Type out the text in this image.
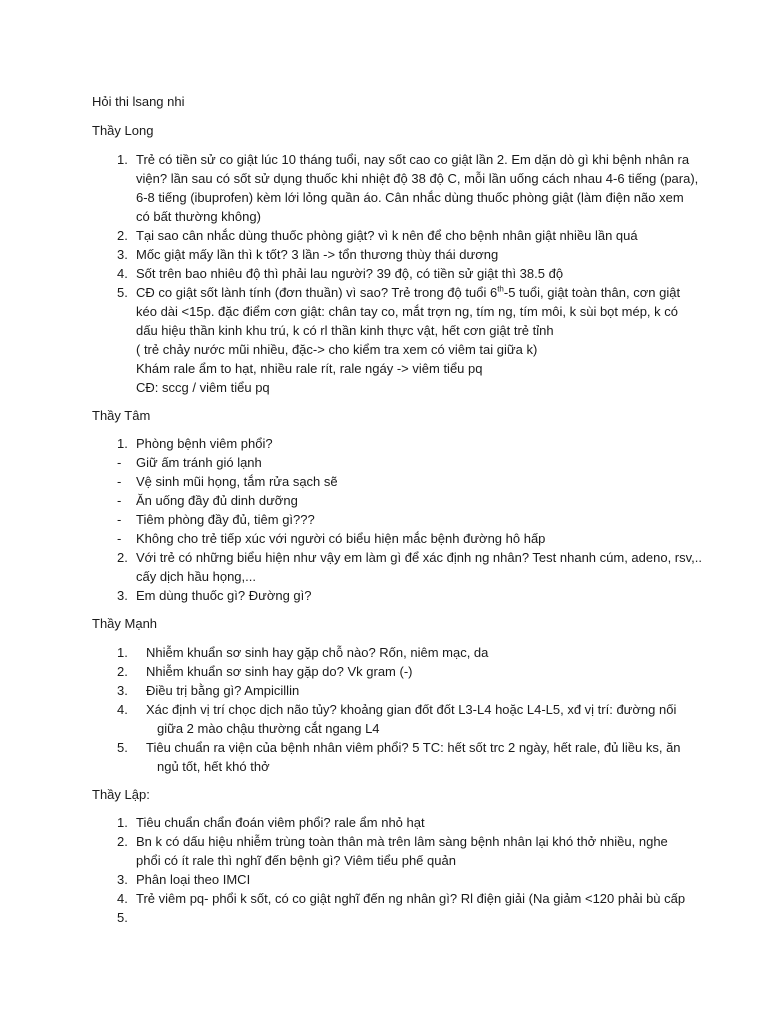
Hỏi thi lsang nhi
Thầy Long
1. Trẻ có tiền sử co giật lúc 10 tháng tuổi, nay sốt cao co giật lần 2. Em dặn dò gì khi bệnh nhân ra
viện? lần sau có sốt sử dụng thuốc khi nhiệt độ 38 độ C, mỗi lần uống cách nhau 4-6 tiếng (para),
6-8 tiếng (ibuprofen) kèm lới lỏng quần áo. Cân nhắc dùng thuốc phòng giật (làm điện não xem
có bất thường không)
2. Tại sao cân nhắc dùng thuốc phòng giật? vì k nên để cho bệnh nhân giật nhiều lần quá
3. Mốc giật mấy lần thì k tốt? 3 lần -> tổn thương thùy thái dương
4. Sốt trên bao nhiêu độ thì phải lau người? 39 độ, có tiền sử giật thì 38.5 độ
5. CĐ co giật sốt lành tính (đơn thuần) vì sao? Trẻ trong độ tuổi 6th-5 tuổi, giật toàn thân, cơn giật
kéo dài <15p. đặc điểm cơn giật: chân tay co, mắt trợn ng, tím ng, tím môi, k sùi bọt mép, k có
dấu hiệu thần kinh khu trú, k có rl thần kinh thực vật, hết cơn giật trẻ tỉnh
( trẻ chảy nước mũi nhiều, đặc-> cho kiểm tra xem có viêm tai giữa k)
Khám rale ẩm to hạt, nhiều rale rít, rale ngáy -> viêm tiểu pq
CĐ: sccg / viêm tiểu pq
Thầy Tâm
1. Phòng bệnh viêm phổi?
- Giữ ấm tránh gió lạnh
- Vệ sinh mũi họng, tắm rửa sạch sẽ
- Ăn uống đầy đủ dinh dưỡng
- Tiêm phòng đầy đủ, tiêm gì???
- Không cho trẻ tiếp xúc với người có biểu hiện mắc bệnh đường hô hấp
2. Với trẻ có những biểu hiện như vậy em làm gì để xác định ng nhân? Test nhanh cúm, adeno, rsv,..
cấy dịch hầu họng,...
3. Em dùng thuốc gì? Đường gì?
Thầy Mạnh
1. Nhiễm khuẩn sơ sinh hay gặp chỗ nào? Rốn, niêm mạc, da
2. Nhiễm khuẩn sơ sinh hay gặp do? Vk gram (-)
3. Điều trị bằng gì? Ampicillin
4. Xác định vị trí chọc dịch não tủy? khoảng gian đốt đốt L3-L4 hoặc L4-L5, xđ vị trí: đường nối
giữa 2 mào chậu thường cắt ngang L4
5. Tiêu chuẩn ra viện của bệnh nhân viêm phổi? 5 TC: hết sốt trc 2 ngày, hết rale, đủ liều ks, ăn
ngủ tốt, hết khó thở
Thầy Lập:
1. Tiêu chuẩn chẩn đoán viêm phổi? rale ẩm nhỏ hạt
2. Bn k có dấu hiệu nhiễm trùng toàn thân mà trên lâm sàng bệnh nhân lại khó thở nhiều, nghe
phổi có ít rale thì nghĩ đến bệnh gì? Viêm tiểu phế quản
3. Phân loại theo IMCI
4. Trẻ viêm pq- phổi k sốt, có co giật nghĩ đến ng nhân gì? Rl điện giải (Na giảm <120 phải bù cấp
5.
